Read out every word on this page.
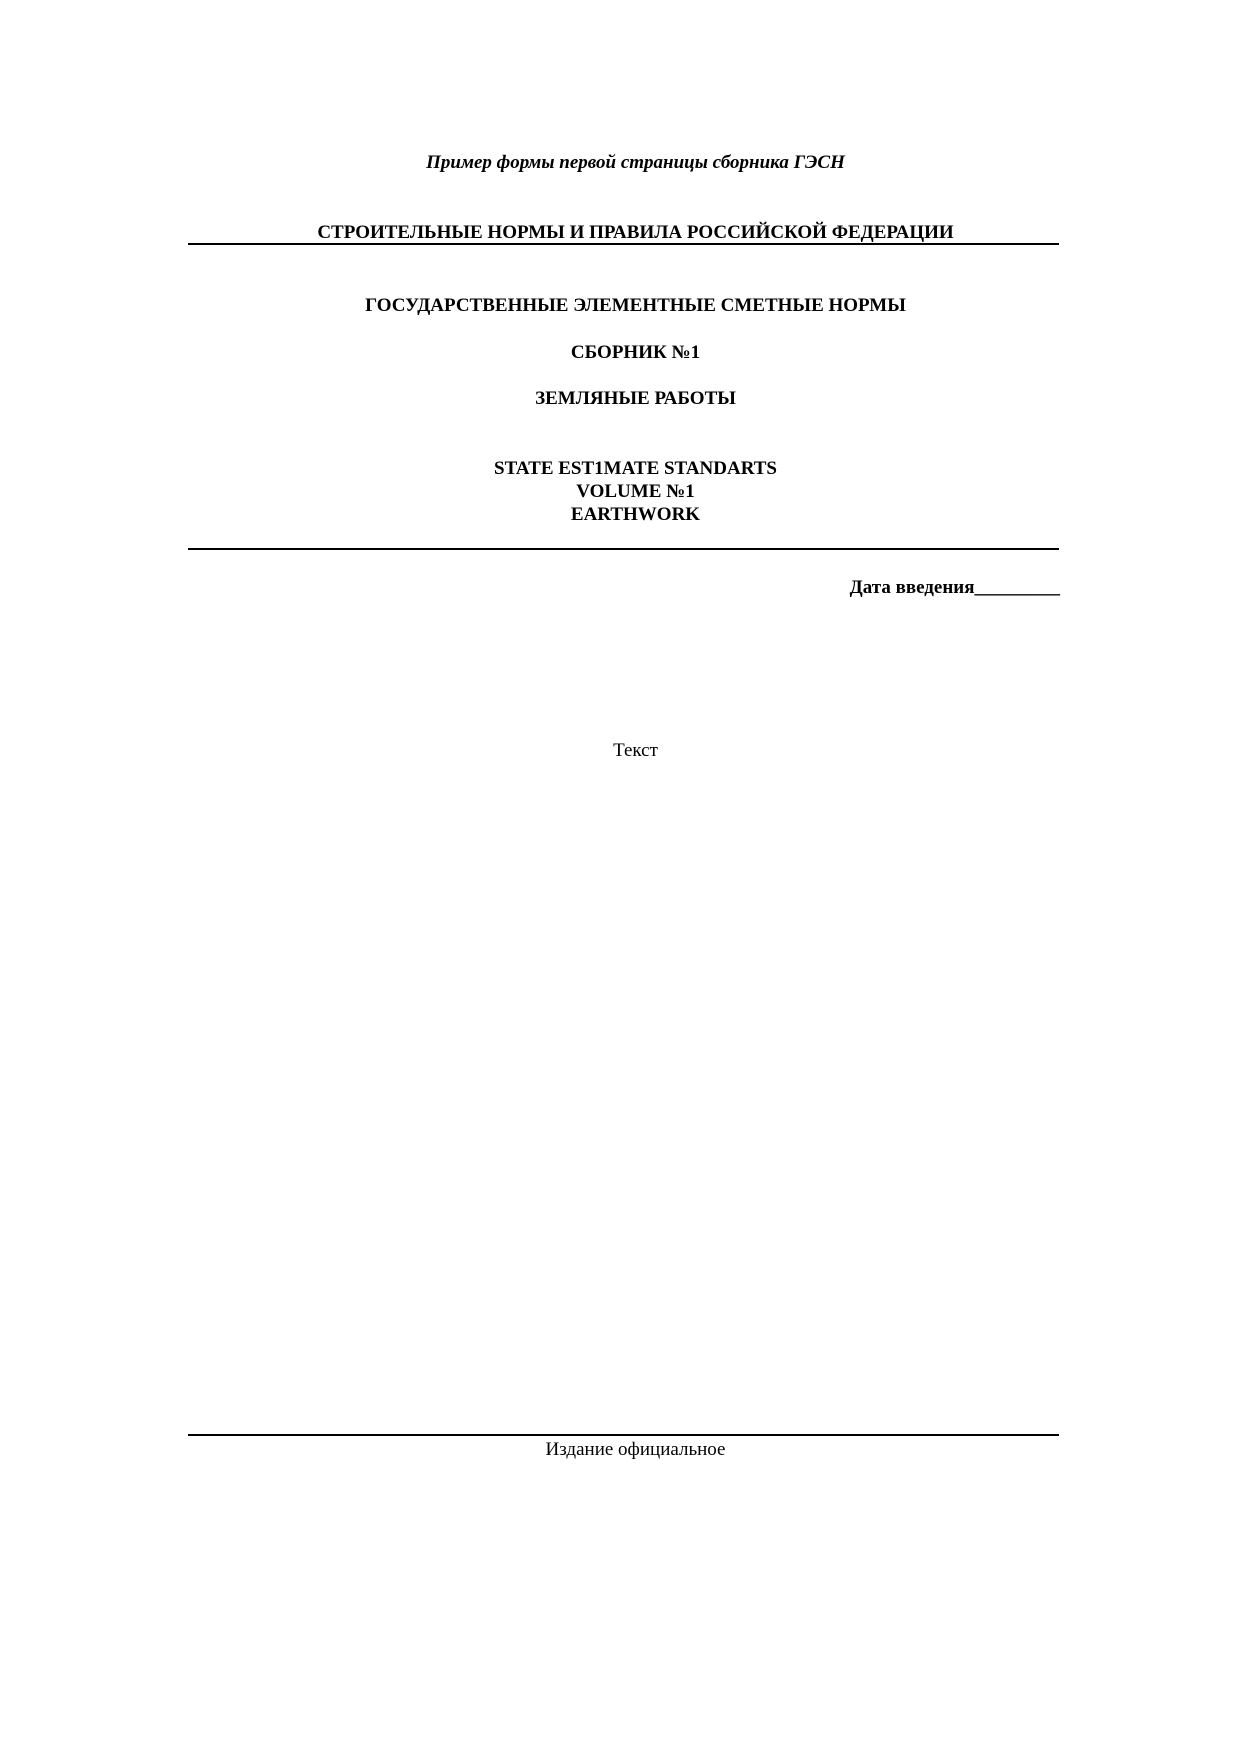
Пример формы первой страницы сборника ГЭСН
СТРОИТЕЛЬНЫЕ НОРМЫ И ПРАВИЛА РОССИЙСКОЙ ФЕДЕРАЦИИ
ГОСУДАРСТВЕННЫЕ ЭЛЕМЕНТНЫЕ СМЕТНЫЕ НОРМЫ
СБОРНИК №1
ЗЕМЛЯНЫЕ РАБОТЫ
STATE EST1MATE STANDARTS
VOLUME №1
EARTHWORK
Дата введения_________
Текст
Издание официальное
